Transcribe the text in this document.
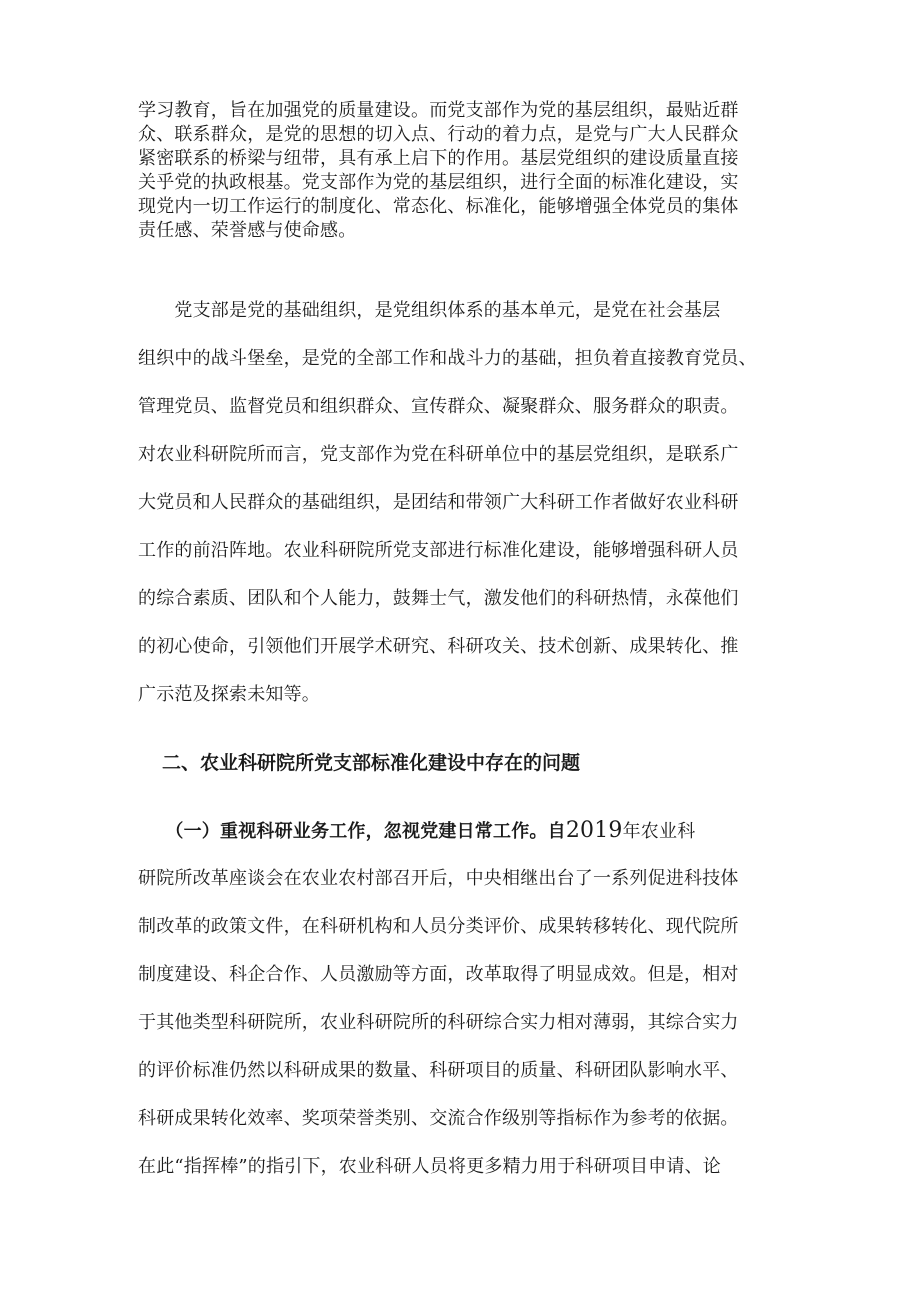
学习教育，旨在加强党的质量建设。而党支部作为党的基层组织，最贴近群
众、联系群众，是党的思想的切入点、行动的着力点，是党与广大人民群众
紧密联系的桥梁与纽带，具有承上启下的作用。基层党组织的建设质量直接
关乎党的执政根基。党支部作为党的基层组织，进行全面的标准化建设，实
现党内一切工作运行的制度化、常态化、标准化，能够增强全体党员的集体
责任感、荣誉感与使命感。
　　党支部是党的基础组织，是党组织体系的基本单元，是党在社会基层
组织中的战斗堡垒，是党的全部工作和战斗力的基础，担负着直接教育党员、
管理党员、监督党员和组织群众、宣传群众、凝聚群众、服务群众的职责。
对农业科研院所而言，党支部作为党在科研单位中的基层党组织，是联系广
大党员和人民群众的基础组织，是团结和带领广大科研工作者做好农业科研
工作的前沿阵地。农业科研院所党支部进行标准化建设，能够增强科研人员
的综合素质、团队和个人能力，鼓舞士气，激发他们的科研热情，永葆他们
的初心使命，引领他们开展学术研究、科研攻关、技术创新、成果转化、推
广示范及探索未知等。
二、农业科研院所党支部标准化建设中存在的问题
　　（一）重视科研业务工作，忽视党建日常工作。自2019年农业科
研院所改革座谈会在农业农村部召开后，中央相继出台了一系列促进科技体
制改革的政策文件，在科研机构和人员分类评价、成果转移转化、现代院所
制度建设、科企合作、人员激励等方面，改革取得了明显成效。但是，相对
于其他类型科研院所，农业科研院所的科研综合实力相对薄弱，其综合实力
的评价标准仍然以科研成果的数量、科研项目的质量、科研团队影响水平、
科研成果转化效率、奖项荣誉类别、交流合作级别等指标作为参考的依据。
在此“指挥棒”的指引下，农业科研人员将更多精力用于科研项目申请、论
